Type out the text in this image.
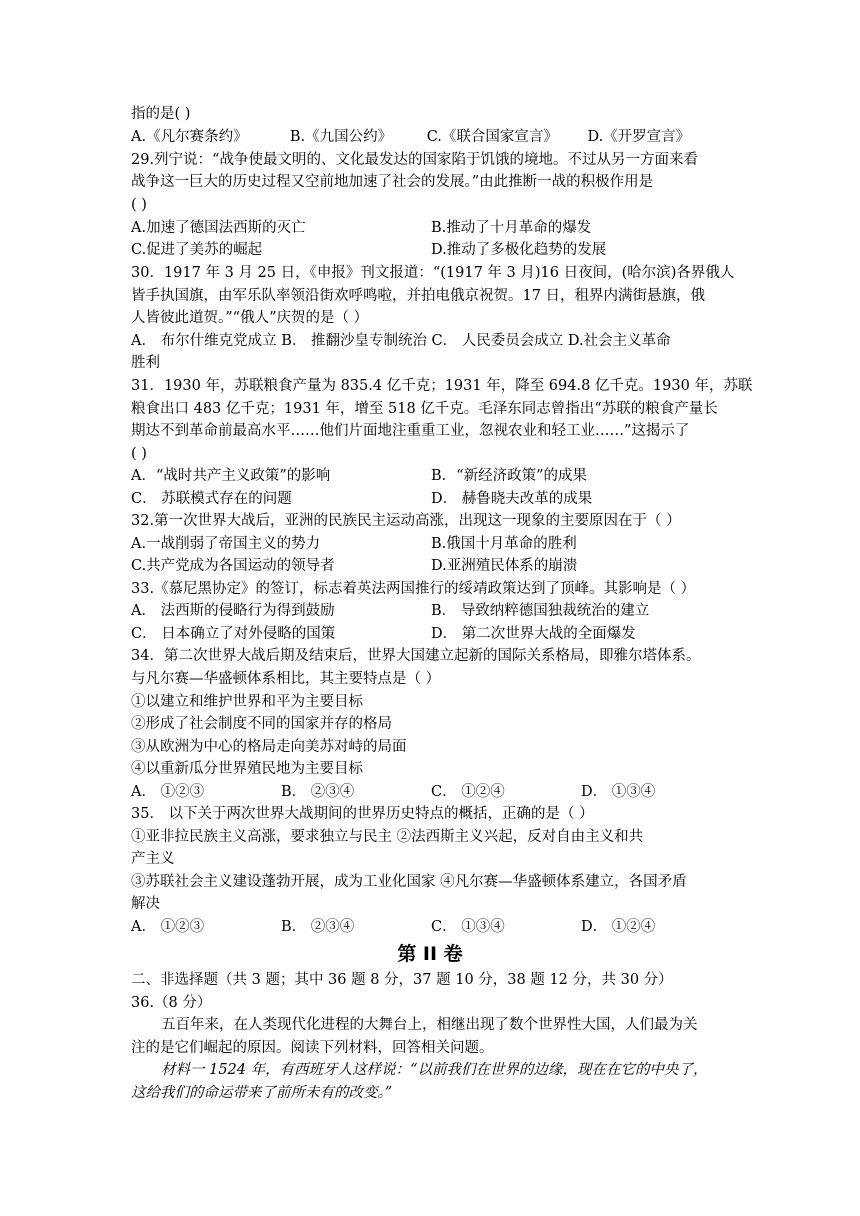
指的是( )
A.《凡尔赛条约》	B.《九国公约》	C.《联合国家宣言》	D.《开罗宣言》
29.列宁说：“战争使最文明的、文化最发达的国家陷于饥饿的境地。不过从另一方面来看
战争这一巨大的历史过程又空前地加速了社会的发展。”由此推断一战的积极作用是
( )
A.加速了德国法西斯的灭亡	B.推动了十月革命的爆发
C.促进了美苏的崛起	D.推动了多极化趋势的发展
30．1917 年 3 月 25 日，《申报》刊文报道：“(1917 年 3 月)16 日夜间，(哈尔滨)各界俄人
皆手执国旗，由军乐队率领沿街欢呼鸣啦，并拍电俄京祝贺。17 日，租界内满街悬旗，俄
人皆彼此道贺。”“俄人”庆贺的是（ ）
A． 布尔什维克党成立 B． 推翻沙皇专制统治 C． 人民委员会成立 D.社会主义革命
胜利
31．1930 年，苏联粮食产量为 835.4 亿千克；1931 年，降至 694.8 亿千克。1930 年，苏联
粮食出口 483 亿千克；1931 年，增至 518 亿千克。毛泽东同志曾指出“苏联的粮食产量长
期达不到革命前最高水平……他们片面地注重重工业，忽视农业和轻工业……”这揭示了
( )
A．“战时共产主义政策”的影响	B．“新经济政策”的成果
C． 苏联模式存在的问题	D． 赫鲁晓夫改革的成果
32.第一次世界大战后，亚洲的民族民主运动高涨，出现这一现象的主要原因在于（ ）
A.一战削弱了帝国主义的势力	B.俄国十月革命的胜利
C.共产党成为各国运动的领导者	D.亚洲殖民体系的崩溃
33.《慕尼黑协定》的签订，标志着英法两国推行的绥靖政策达到了顶峰。其影响是（ ）
A． 法西斯的侵略行为得到鼓励	B． 导致纳粹德国独裁统治的建立
C． 日本确立了对外侵略的国策	D． 第二次世界大战的全面爆发
34．第二次世界大战后期及结束后，世界大国建立起新的国际关系格局，即雅尔塔体系。
与凡尔赛—华盛顿体系相比，其主要特点是（ ）
①以建立和维护世界和平为主要目标
②形成了社会制度不同的国家并存的格局
③从欧洲为中心的格局走向美苏对峙的局面
④以重新瓜分世界殖民地为主要目标
A． ①②③	B． ②③④	C． ①②④	D． ①③④
35． 以下关于两次世界大战期间的世界历史特点的概括，正确的是（ ）
①亚非拉民族主义高涨，要求独立与民主 ②法西斯主义兴起，反对自由主义和共
产主义
③苏联社会主义建设蓬勃开展，成为工业化国家 ④凡尔赛—华盛顿体系建立，各国矛盾
解决
A． ①②③	B． ②③④	C． ①③④	D． ①②④
第 II 卷
二、非选择题（共 3 题；其中 36 题 8 分，37 题 10 分，38 题 12 分，共 30 分）
36.（8 分）
五百年来，在人类现代化进程的大舞台上，相继出现了数个世界性大国，人们最为关
注的是它们崛起的原因。阅读下列材料，回答相关问题。
材料一 1524 年，有西班牙人这样说：“以前我们在世界的边缘，现在在它的中央了，
这给我们的命运带来了前所未有的改变。”
